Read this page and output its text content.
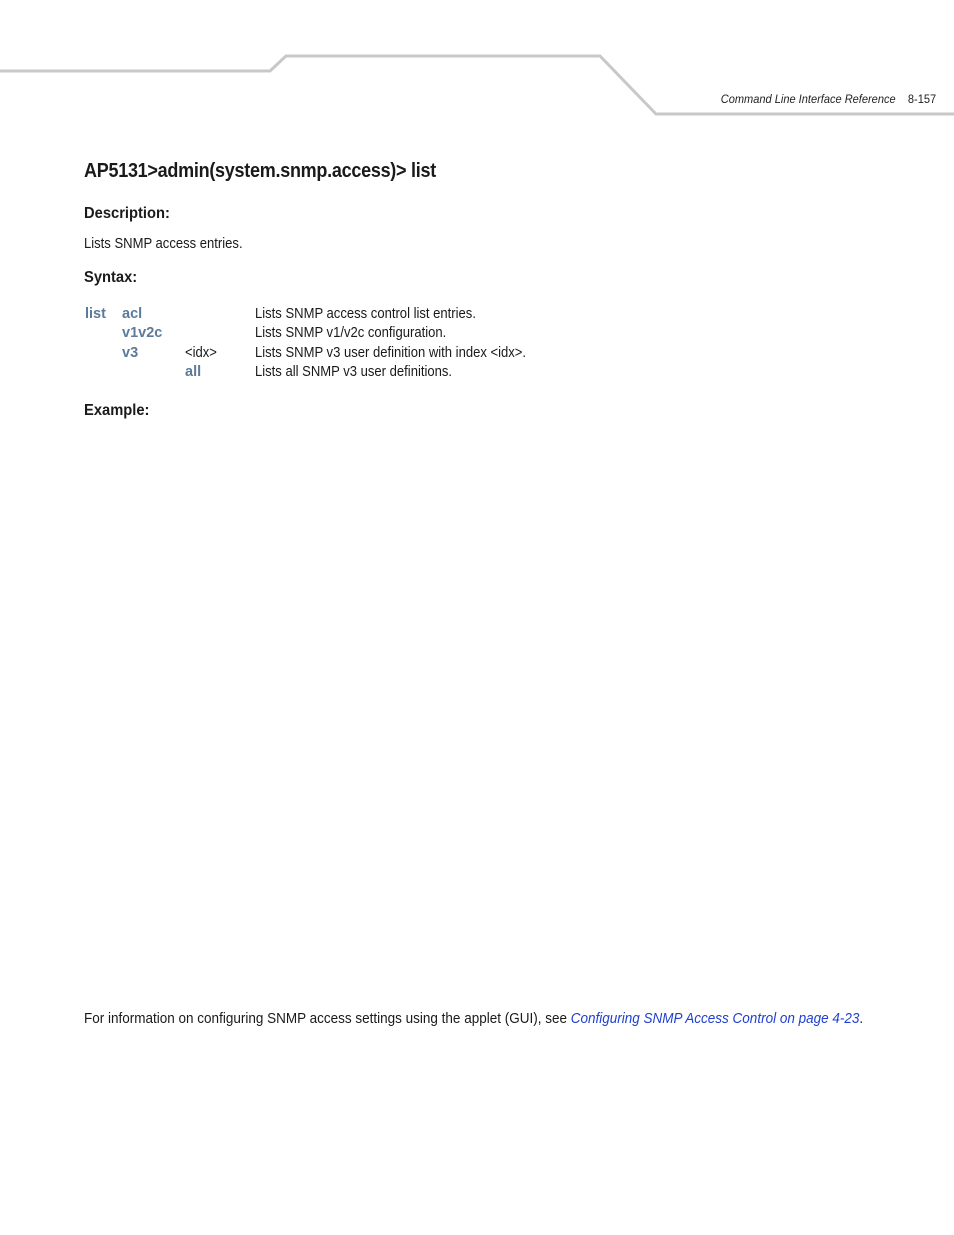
Command Line Interface Reference 8-157
AP5131>admin(system.snmp.access)> list
Description:

Lists SNMP access entries.

Syntax:
list acl	Lists SNMP access control list entries.
v1v2c	Lists SNMP v1/v2c configuration.
v3	<idx>	Lists SNMP v3 user definition with index <idx>.
all	Lists all SNMP v3 user definitions.
Example:

For information on configuring SNMP access settings using the applet (GUI), see Configuring SNMP Access Control on page 4-23.
